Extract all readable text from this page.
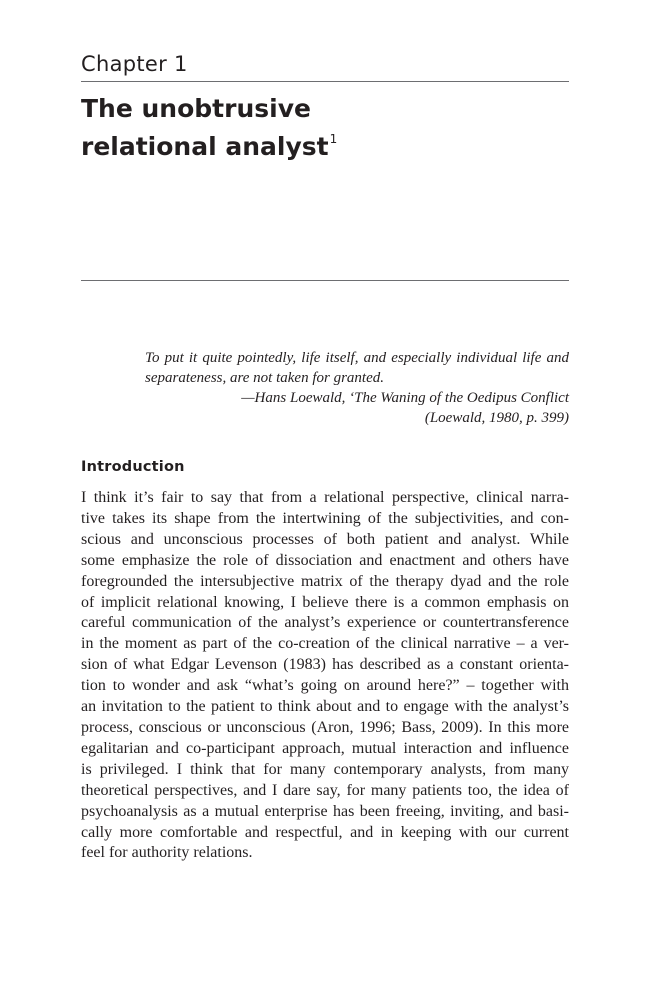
Chapter 1
The unobtrusive
relational analyst$^1$
To put it quite pointedly, life itself, and especially individual life and
separateness, are not taken for granted.
—Hans Loewald, ‘The Waning of the Oedipus Conflict
(Loewald, 1980, p. 399)
Introduction
I think it’s fair to say that from a relational perspective, clinical narra-
tive takes its shape from the intertwining of the subjectivities, and con-
scious and unconscious processes of both patient and analyst. While
some emphasize the role of dissociation and enactment and others have
foregrounded the intersubjective matrix of the therapy dyad and the role
of implicit relational knowing, I believe there is a common emphasis on
careful communication of the analyst’s experience or countertransference
in the moment as part of the co-creation of the clinical narrative – a ver-
sion of what Edgar Levenson (1983) has described as a constant orienta-
tion to wonder and ask “what’s going on around here?” – together with
an invitation to the patient to think about and to engage with the analyst’s
process, conscious or unconscious (Aron, 1996; Bass, 2009). In this more
egalitarian and co-participant approach, mutual interaction and influence
is privileged. I think that for many contemporary analysts, from many
theoretical perspectives, and I dare say, for many patients too, the idea of
psychoanalysis as a mutual enterprise has been freeing, inviting, and basi-
cally more comfortable and respectful, and in keeping with our current
feel for authority relations.
